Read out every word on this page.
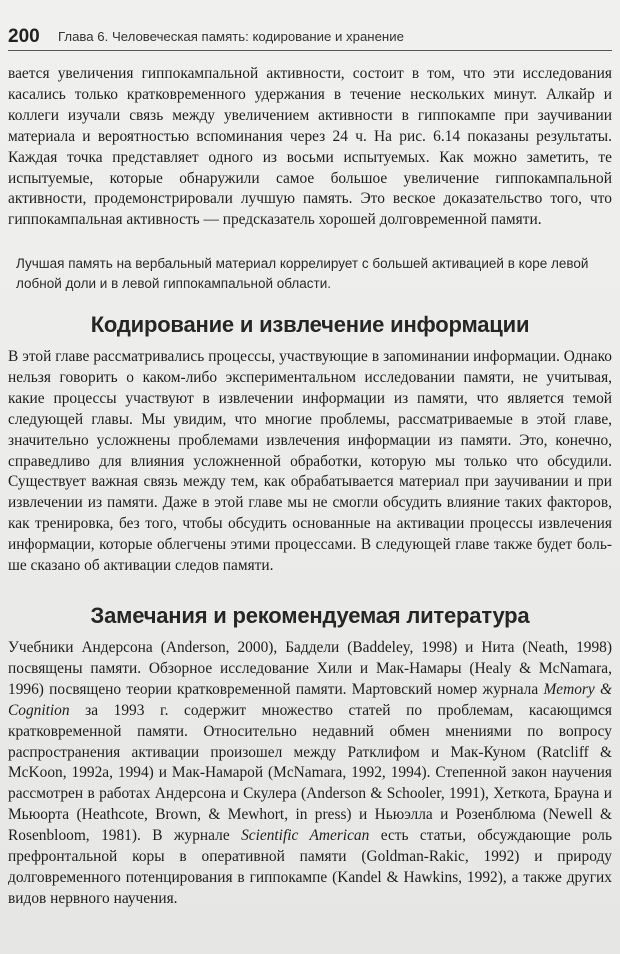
200 Глава 6. Человеческая память: кодирование и хранение

вается увеличения гиппокампальной активности, состоит в том, что эти исследования касались только кратковременного удержания в течение нескольких минут. Алкайр и коллеги изучали связь между увеличением активности в гиппокампе при заучивании материала и вероятностью вспоминания через 24 ч. На рис. 6.14 показаны результаты. Каждая точка представляет одного из восьми испытуемых. Как можно заметить, те испытуемые, которые обнаружили самое большое увеличение гиппокампальной активности, продемонстрировали лучшую память. Это веское доказательство того, что гиппокампальная активность — предсказатель хорошей долговременной памяти.

Лучшая память на вербальный материал коррелирует с большей активацией в коре левой лобной доли и в левой гиппокампальной области.

Кодирование и извлечение информации

В этой главе рассматривались процессы, участвующие в запоминании информации. Однако нельзя говорить о каком-либо экспериментальном исследовании памяти, не учитывая, какие процессы участвуют в извлечении информации из памяти, что является темой следующей главы. Мы увидим, что многие проблемы, рассматриваемые в этой главе, значительно усложнены проблемами извлечения информации из памяти. Это, конечно, справедливо для влияния усложненной обработки, которую мы только что обсудили. Существует важная связь между тем, как обрабатывается материал при заучивании и при извлечении из памяти. Даже в этой главе мы не смогли обсудить влияние таких факторов, как тренировка, без того, чтобы обсудить основанные на активации процессы извлечения информации, которые облегчены этими процессами. В следующей главе также будет больше сказано об активации следов памяти.

Замечания и рекомендуемая литература

Учебники Андерсона (Anderson, 2000), Баддели (Baddeley, 1998) и Нита (Neath, 1998) посвящены памяти. Обзорное исследование Хили и Мак-Намары (Healy & McNamara, 1996) посвящено теории кратковременной памяти. Мартовский номер журнала Memory & Cognition за 1993 г. содержит множество статей по проблемам, касающимся кратковременной памяти. Относительно недавний обмен мнениями по вопросу распространения активации произошел между Ратклифом и Мак-Куном (Ratcliff & McKoon, 1992a, 1994) и Мак-Намарой (McNamara, 1992, 1994). Степенной закон научения рассмотрен в работах Андерсона и Скулера (Anderson & Schooler, 1991), Хеткота, Брауна и Мьюорта (Heathcote, Brown, & Mewhort, in press) и Ньюэлла и Розенблюма (Newell & Rosenbloom, 1981). В журнале Scientific American есть статьи, обсуждающие роль префронтальной коры в оперативной памяти (Goldman-Rakic, 1992) и природу долговременного потенцирования в гиппокампе (Kandel & Hawkins, 1992), а также других видов нервного научения.
